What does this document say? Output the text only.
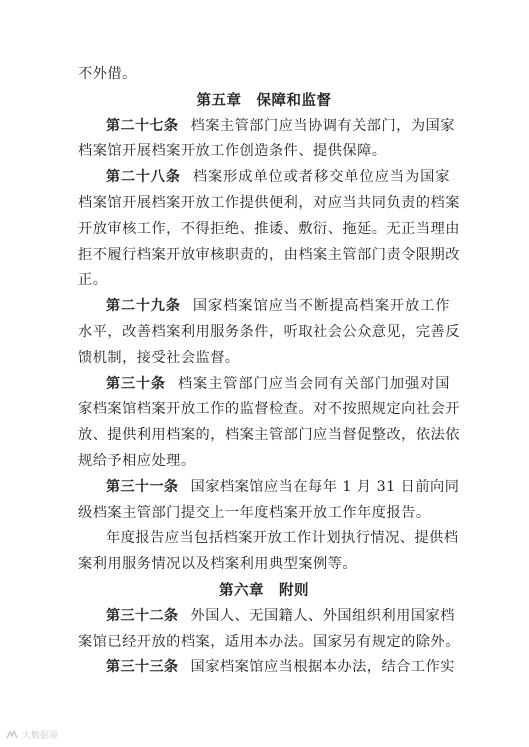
不外借。
第五章　保障和监督
第二十七条 档案主管部门应当协调有关部门，为国家
档案馆开展档案开放工作创造条件、提供保障。
第二十八条 档案形成单位或者移交单位应当为国家
档案馆开展档案开放工作提供便利，对应当共同负责的档案
开放审核工作，不得拒绝、推诿、敷衍、拖延。无正当理由
拒不履行档案开放审核职责的，由档案主管部门责令限期改
正。
第二十九条 国家档案馆应当不断提高档案开放工作
水平，改善档案利用服务条件，听取社会公众意见，完善反
馈机制，接受社会监督。
第三十条 档案主管部门应当会同有关部门加强对国
家档案馆档案开放工作的监督检查。对不按照规定向社会开
放、提供利用档案的，档案主管部门应当督促整改，依法依
规给予相应处理。
第三十一条 国家档案馆应当在每年 1 月 31 日前向同
级档案主管部门提交上一年度档案开放工作年度报告。
年度报告应当包括档案开放工作计划执行情况、提供档
案利用服务情况以及档案利用典型案例等。
第六章　附则
第三十二条 外国人、无国籍人、外国组织利用国家档
案馆已经开放的档案，适用本办法。国家另有规定的除外。
第三十三条 国家档案馆应当根据本办法，结合工作实
大数据说
